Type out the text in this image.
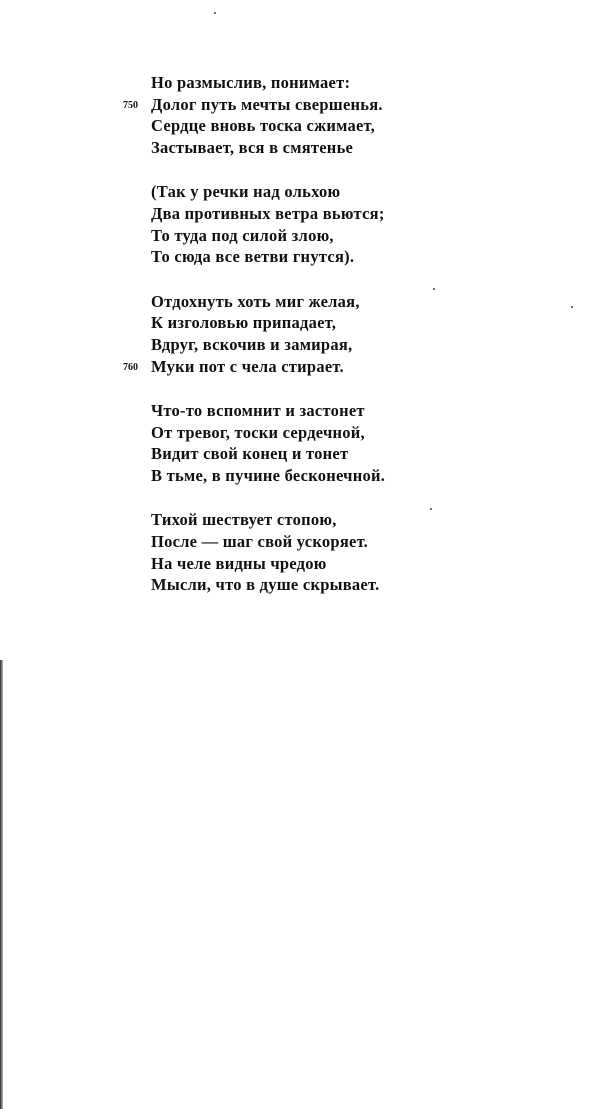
Но размыслив, понимает:
750 Долог путь мечты свершенья.
Сердце вновь тоска сжимает,
Застывает, вся в смятенье
(Так у речки над ольхою
Два противных ветра вьются;
То туда под силой злою,
То сюда все ветви гнутся).
Отдохнуть хоть миг желая,
К изголовью припадает,
Вдруг, вскочив и замирая,
760 Муки пот с чела стирает.
Что-то вспомнит и застонет
От тревог, тоски сердечной,
Видит свой конец и тонет
В тьме, в пучине бесконечной.
Тихой шествует стопою,
После — шаг свой ускоряет.
На челе видны чредою
Мысли, что в душе скрывает.
